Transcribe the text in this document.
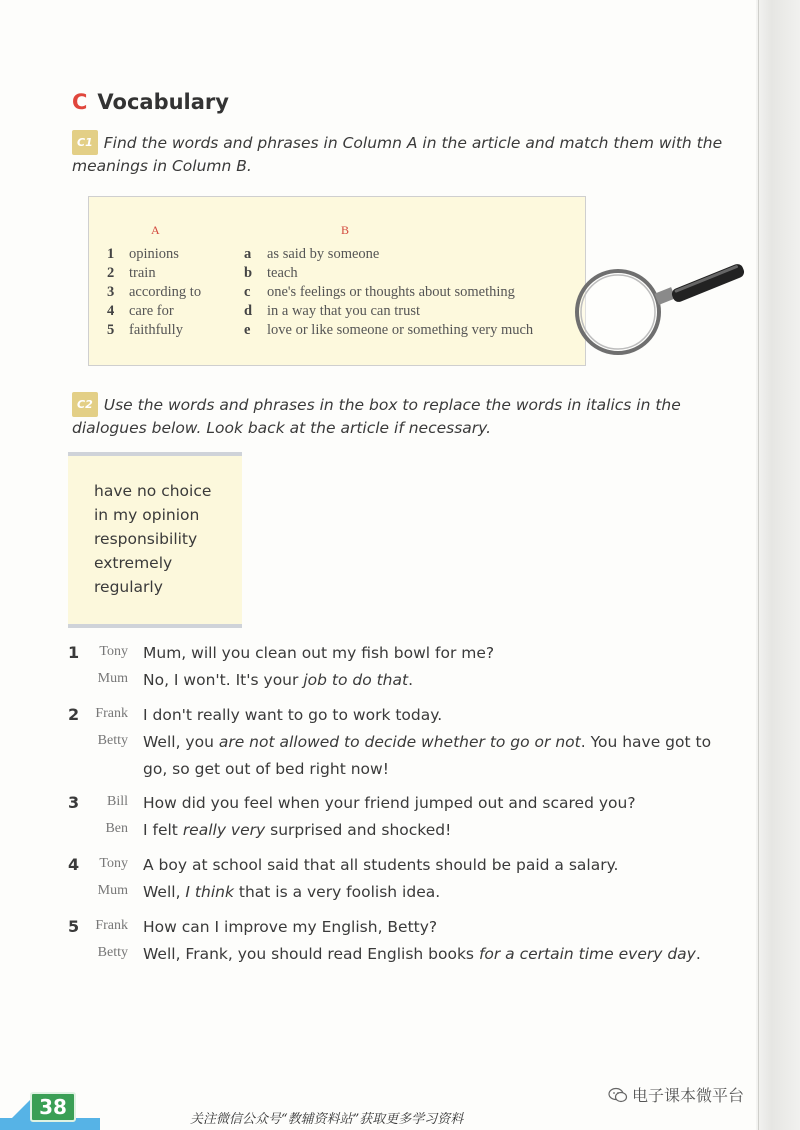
C Vocabulary
C1 Find the words and phrases in Column A in the article and match them with the meanings in Column B.
A	B
1 opinions	a as said by someone
2 train	b teach
3 according to	c one's feelings or thoughts about something
4 care for	d in a way that you can trust
5 faithfully	e love or like someone or something very much
C2 Use the words and phrases in the box to replace the words in italics in the dialogues below. Look back at the article if necessary.
have no choice
in my opinion
responsibility
extremely
regularly
1	Tony Mum, will you clean out my fish bowl for me?
Mum No, I won't. It's your job to do that.
2	Frank I don't really want to go to work today.
Betty Well, you are not allowed to decide whether to go or not. You have got to
go, so get out of bed right now!
3	Bill How did you feel when your friend jumped out and scared you?
Ben I felt really very surprised and shocked!
4	Tony A boy at school said that all students should be paid a salary.
Mum Well, I think that is a very foolish idea.
5	Frank How can I improve my English, Betty?
Betty Well, Frank, you should read English books for a certain time every day.
38	电子课本微平台
关注微信公众号“教辅资料站”获取更多学习资料
